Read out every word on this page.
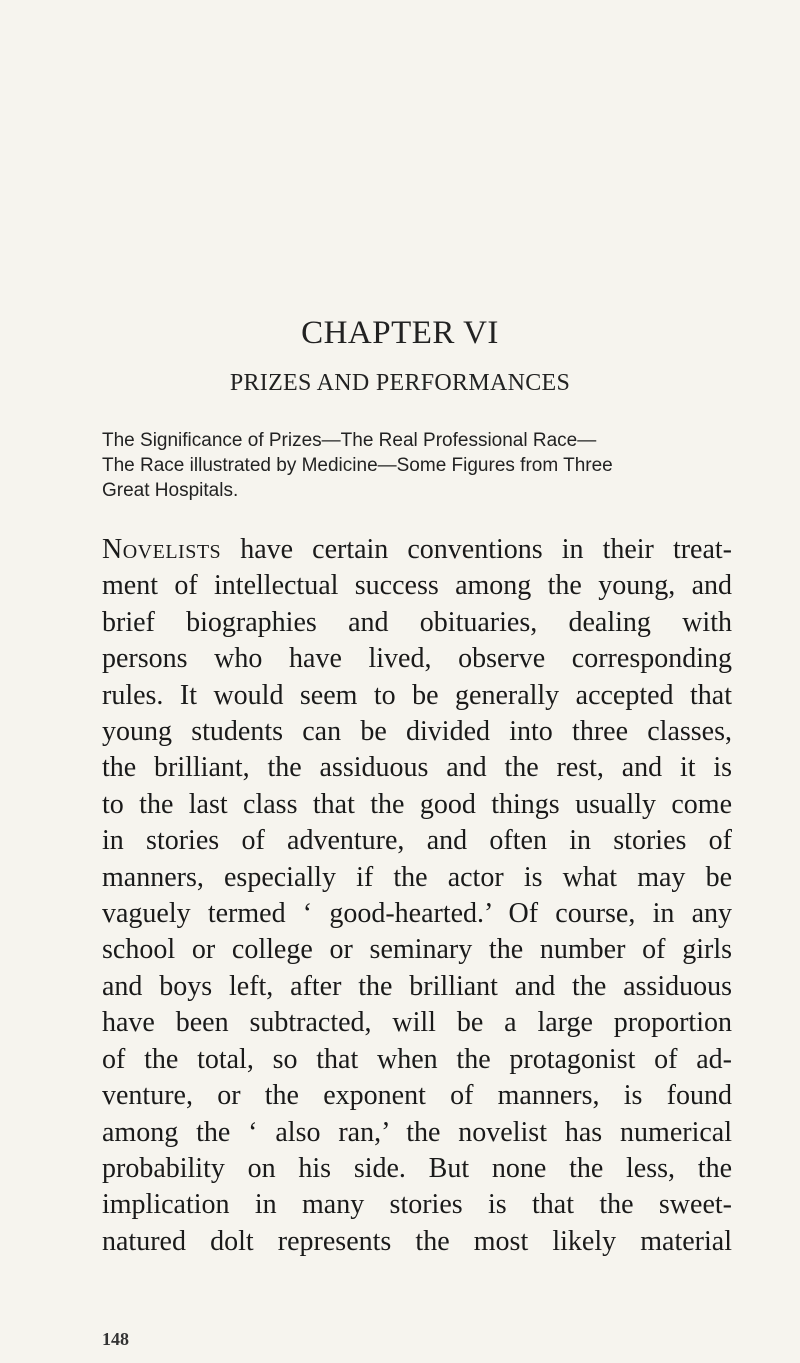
CHAPTER VI
PRIZES AND PERFORMANCES
The Significance of Prizes—The Real Professional Race—
The Race illustrated by Medicine—Some Figures from Three
Great Hospitals.
Novelists have certain conventions in their treat-
ment of intellectual success among the young, and
brief biographies and obituaries, dealing with
persons who have lived, observe corresponding
rules. It would seem to be generally accepted that
young students can be divided into three classes,
the brilliant, the assiduous and the rest, and it is
to the last class that the good things usually come
in stories of adventure, and often in stories of
manners, especially if the actor is what may be
vaguely termed ‘ good-hearted.’ Of course, in any
school or college or seminary the number of girls
and boys left, after the brilliant and the assiduous
have been subtracted, will be a large proportion
of the total, so that when the protagonist of ad-
venture, or the exponent of manners, is found
among the ‘ also ran,’ the novelist has numerical
probability on his side. But none the less, the
implication in many stories is that the sweet-
natured dolt represents the most likely material
148
